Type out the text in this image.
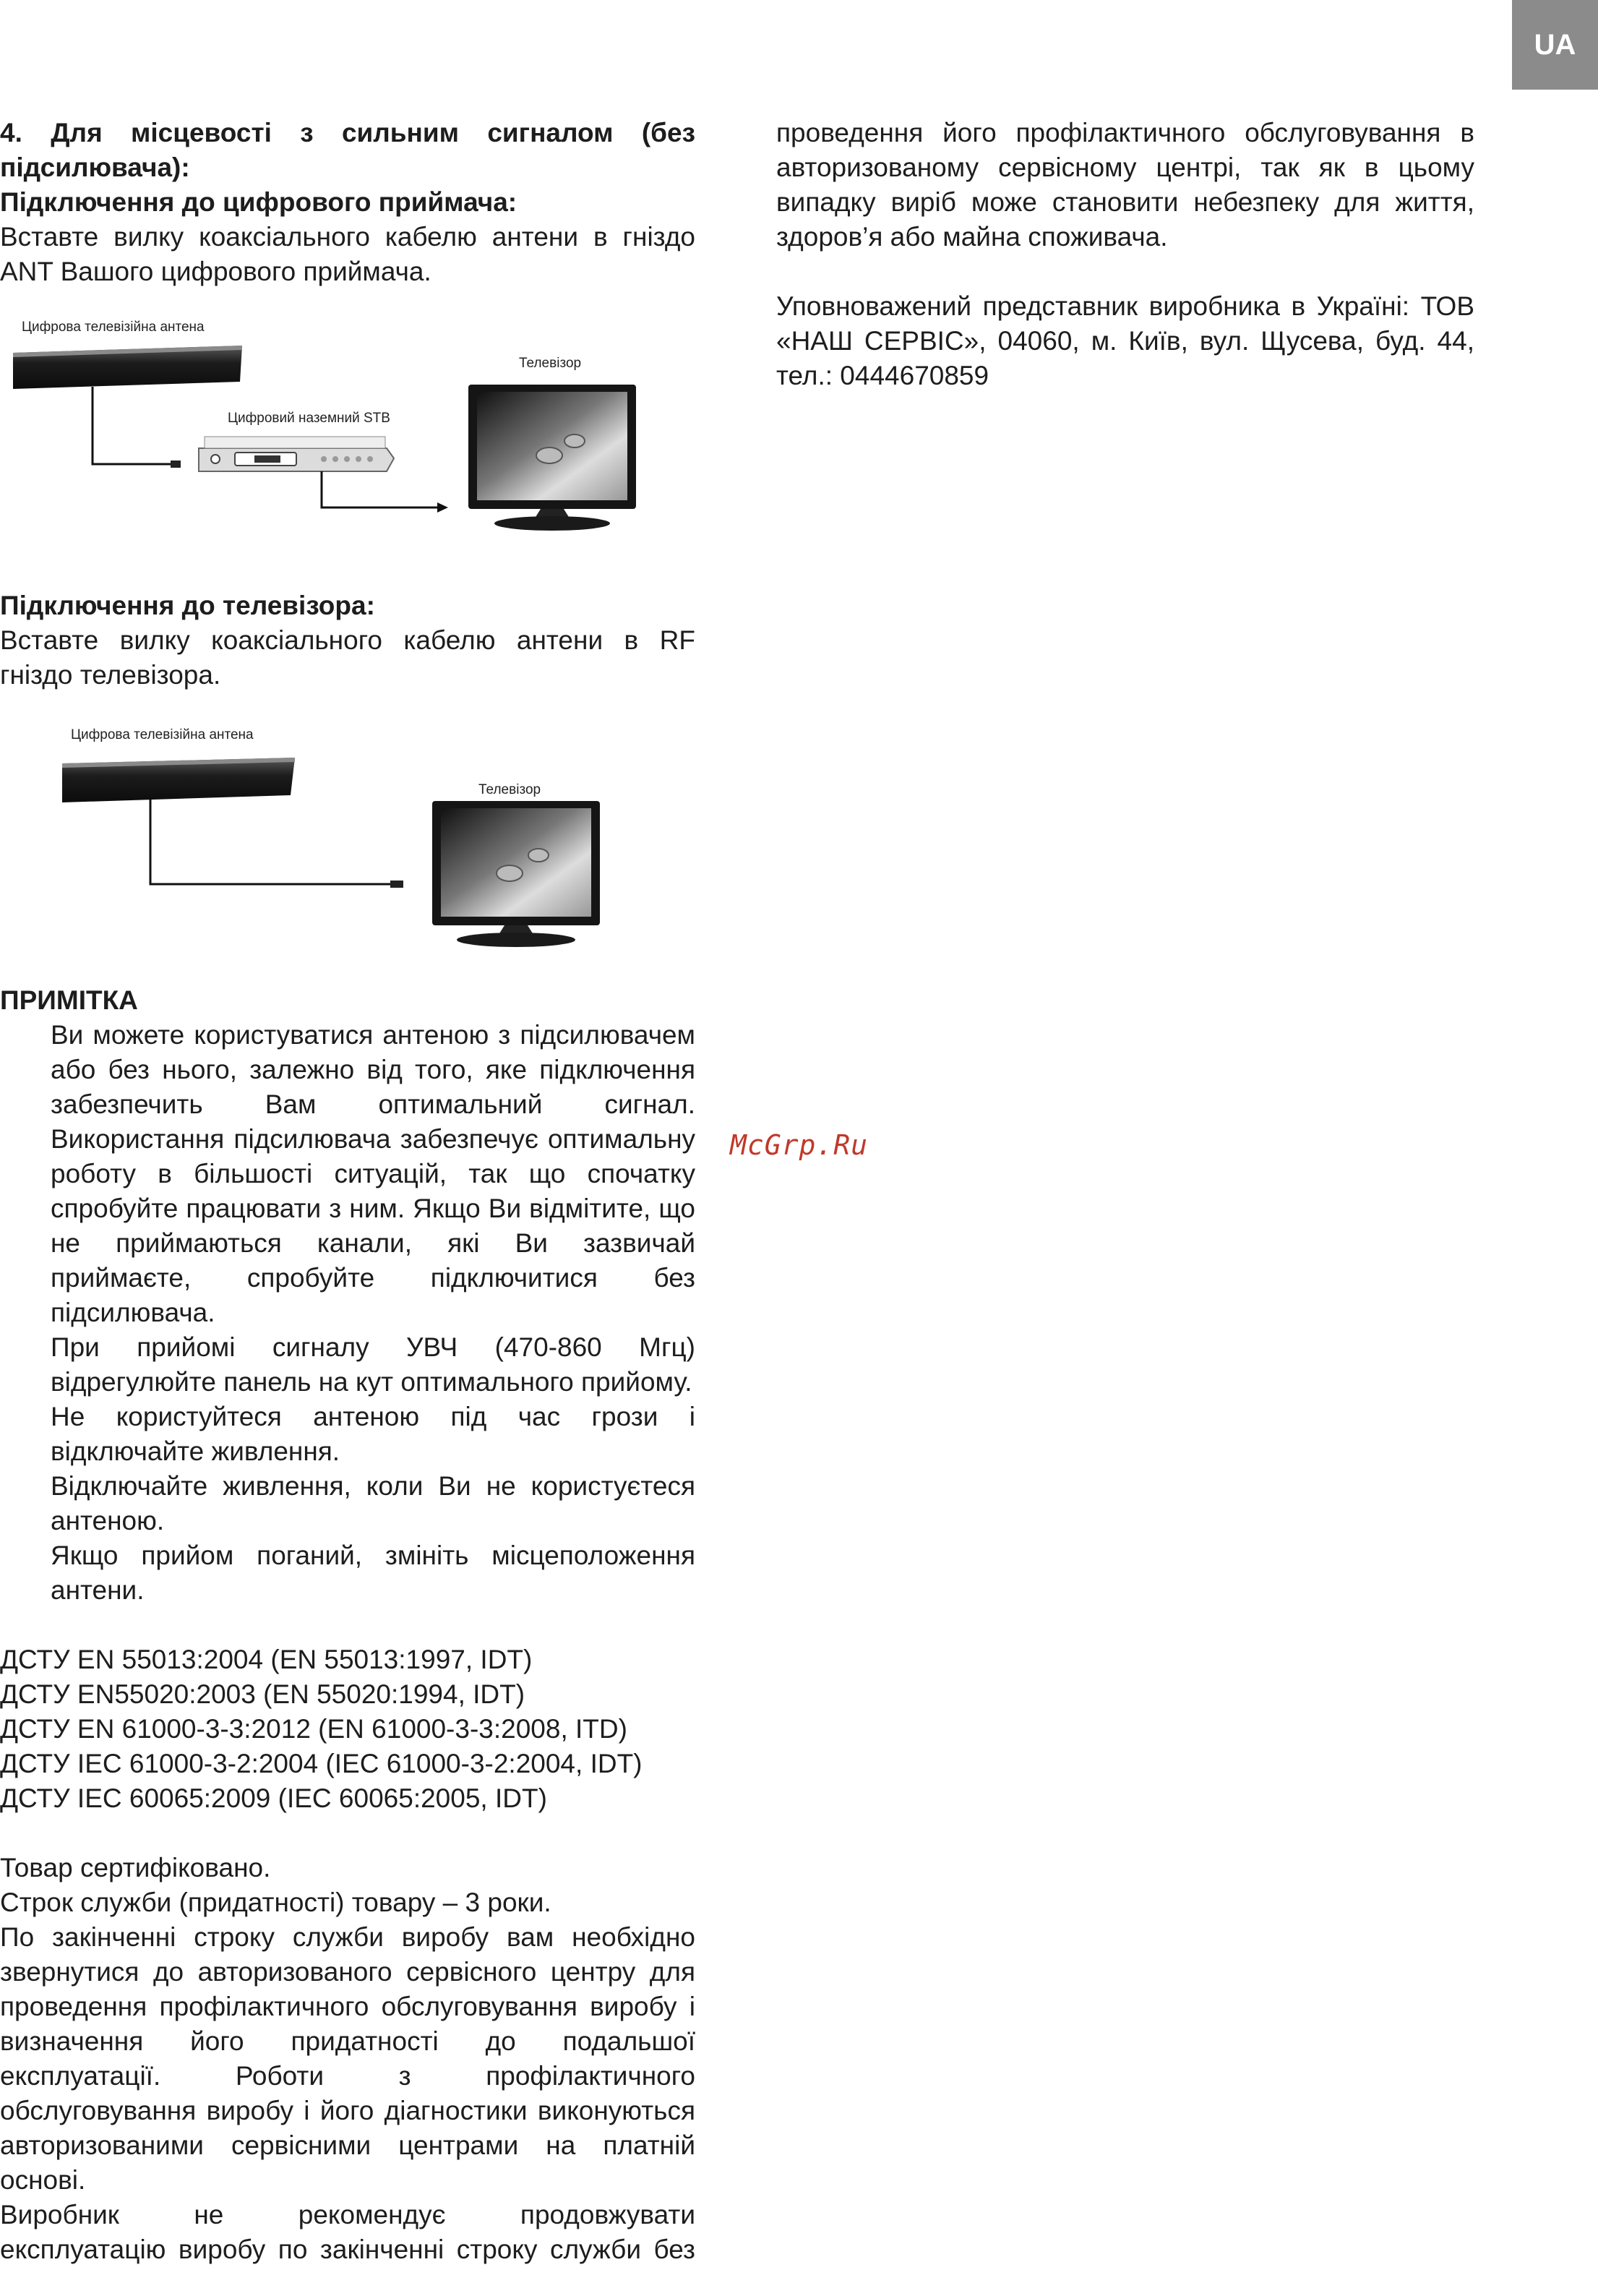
UA

4. Для місцевості з сильним сигналом (без

підсилювача):

Підключення до цифрового приймача:

Вставте вилку коаксіального кабелю антени в гніздо

ANT Вашого цифрового приймача.

Цифрова телевізійна антена
Цифровий наземний STB
Телевізор

Підключення до телевізора:

Вставте вилку коаксіального кабелю антени в RF

гніздо телевізора.

Цифрова телевізійна антена
Телевізор

ПРИМІТКА

Ви можете користуватися антеною з підсилювачем або без нього, залежно від того, яке підключення забезпечить Вам оптимальний сигнал. Використання підсилювача забезпечує оптимальну роботу в більшості ситуацій, так що спочатку спробуйте працювати з ним. Якщо Ви відмітите, що не приймаються канали, які Ви зазвичай приймаєте, спробуйте підключитися без підсилювача.

При прийомі сигналу УВЧ (470-860 Мгц) відрегулюйте панель на кут оптимального прийому.

Не користуйтеся антеною під час грози і відключайте живлення.

Відключайте живлення, коли Ви не користуєтеся антеною.

Якщо прийом поганий, змініть місцеположення антени.

ДСТУ EN 55013:2004 (EN 55013:1997, IDT)

ДСТУ EN55020:2003 (EN 55020:1994, IDT)

ДСТУ EN 61000-3-3:2012 (EN 61000-3-3:2008, ITD)

ДСТУ IEC 61000-3-2:2004 (IEC 61000-3-2:2004, IDT)

ДСТУ IEC 60065:2009 (IEC 60065:2005, IDT)

Товар сертифіковано.

Строк служби (придатності) товару – 3 роки.

По закінченні строку служби виробу вам необхідно звернутися до авторизованого сервісного центру для проведення профілактичного обслуговування виробу і визначення його придатності до подальшої експлуатації. Роботи з профілактичного обслуговування виробу і його діагностики виконуються авторизованими сервісними центрами на платній основі.

Виробник не рекомендує продовжувати

експлуатацію виробу по закінченні строку служби без

проведення його профілактичного обслуговування в авторизованому сервісному центрі, так як в цьому випадку виріб може становити небезпеку для життя, здоров’я або майна споживача.

Уповноважений представник виробника в Україні: ТОВ «НАШ СЕРВІС», 04060, м. Київ, вул. Щусева, буд. 44, тел.: 0444670859

McGrp.Ru
